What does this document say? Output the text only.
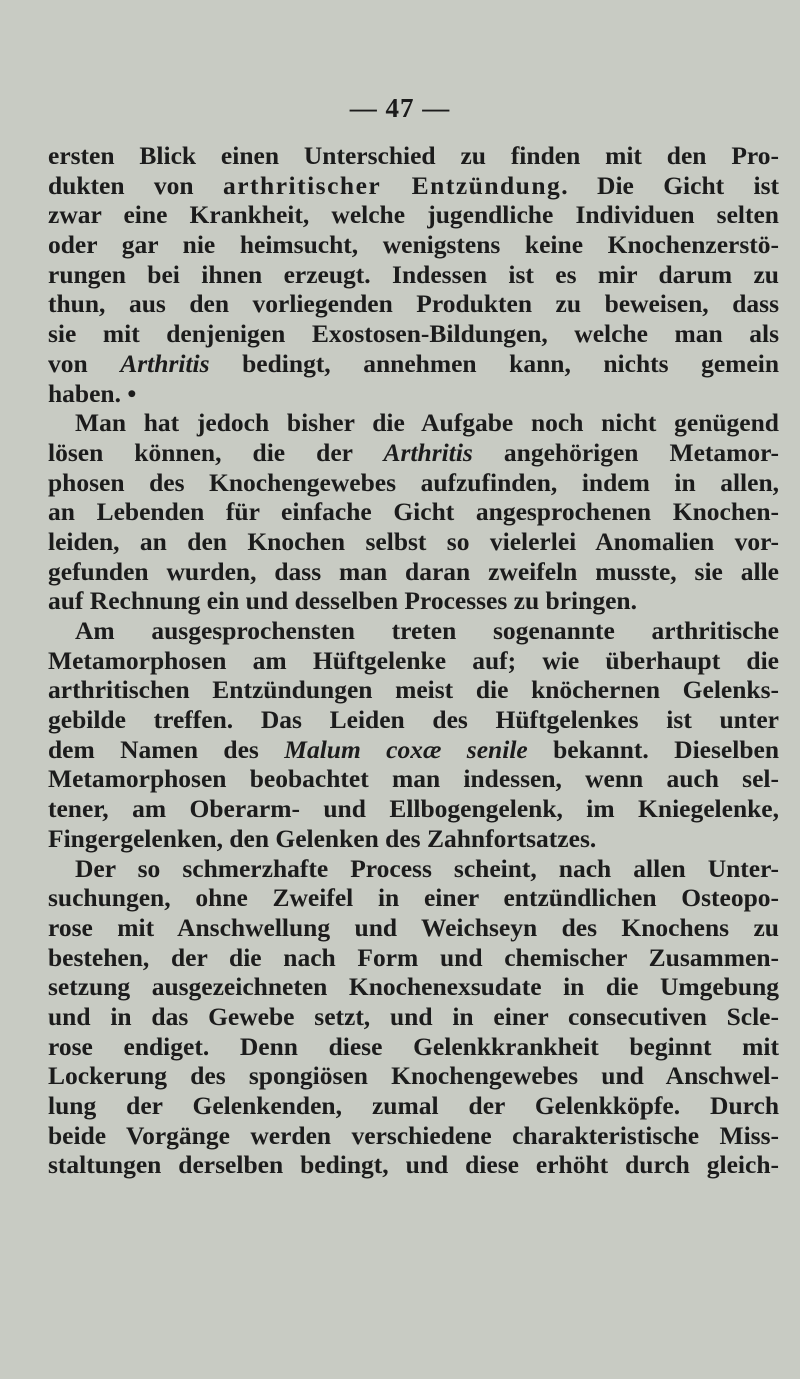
— 47 —
ersten Blick einen Unterschied zu finden mit den Pro-
dukten von arthritischer Entzündung. Die Gicht ist
zwar eine Krankheit, welche jugendliche Individuen selten
oder gar nie heimsucht, wenigstens keine Knochenzerstö-
rungen bei ihnen erzeugt. Indessen ist es mir darum zu
thun, aus den vorliegenden Produkten zu beweisen, dass
sie mit denjenigen Exostosen-Bildungen, welche man als
von Arthritis bedingt, annehmen kann, nichts gemein
haben. •
Man hat jedoch bisher die Aufgabe noch nicht genügend
lösen können, die der Arthritis angehörigen Metamor-
phosen des Knochengewebes aufzufinden, indem in allen,
an Lebenden für einfache Gicht angesprochenen Knochen-
leiden, an den Knochen selbst so vielerlei Anomalien vor-
gefunden wurden, dass man daran zweifeln musste, sie alle
auf Rechnung ein und desselben Processes zu bringen.
Am ausgesprochensten treten sogenannte arthritische
Metamorphosen am Hüftgelenke auf; wie überhaupt die
arthritischen Entzündungen meist die knöchernen Gelenks-
gebilde treffen. Das Leiden des Hüftgelenkes ist unter
dem Namen des Malum coxæ senile bekannt. Dieselben
Metamorphosen beobachtet man indessen, wenn auch sel-
tener, am Oberarm- und Ellbogengelenk, im Kniegelenke,
Fingergelenken, den Gelenken des Zahnfortsatzes.
Der so schmerzhafte Process scheint, nach allen Unter-
suchungen, ohne Zweifel in einer entzündlichen Osteopo-
rose mit Anschwellung und Weichseyn des Knochens zu
bestehen, der die nach Form und chemischer Zusammen-
setzung ausgezeichneten Knochenexsudate in die Umgebung
und in das Gewebe setzt, und in einer consecutiven Scle-
rose endiget. Denn diese Gelenkkrankheit beginnt mit
Lockerung des spongiösen Knochengewebes und Anschwel-
lung der Gelenkenden, zumal der Gelenkköpfe. Durch
beide Vorgänge werden verschiedene charakteristische Miss-
staltungen derselben bedingt, und diese erhöht durch gleich-
